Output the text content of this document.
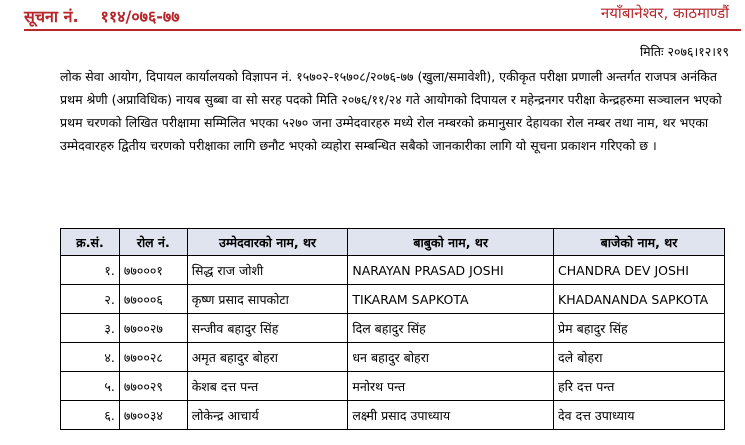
सूचना नं. ११४/०७६-७७	नयाँबानेश्वर, काठमाण्डौं
मितिः २०७६।१२।१९

लोक सेवा आयोग, दिपायल कार्यालयको विज्ञापन नं. १५७०२-१५७०८/२०७६-७७ (खुला/समावेशी), एकीकृत परीक्षा प्रणाली अन्तर्गत राजपत्र अनंकित प्रथम श्रेणी (अप्राविधिक) नायब सुब्बा वा सो सरह पदको मिति २०७६/११/२४ गते आयोगको दिपायल र महेन्द्रनगर परीक्षा केन्द्रहरुमा सञ्चालन भएको प्रथम चरणको लिखित परीक्षामा सम्मिलित भएका ५२७० जना उम्मेदवारहरु मध्ये रोल नम्बरको क्रमानुसार देहायका रोल नम्बर तथा नाम, थर भएका उम्मेदवारहरु द्वितीय चरणको परीक्षाका लागि छनौट भएको व्यहोरा सम्बन्धित सबैको जानकारीका लागि यो सूचना प्रकाशन गरिएको छ ।

क्र.सं.	रोल नं.	उम्मेदवारको नाम, थर	बाबुको नाम, थर	बाजेको नाम, थर
१.	७७०००१	सिद्ध राज जोशी	NARAYAN PRASAD JOSHI	CHANDRA DEV JOSHI
२.	७७०००६	कृष्ण प्रसाद सापकोटा	TIKARAM SAPKOTA	KHADANANDA SAPKOTA
३.	७७००२७	सन्जीव बहादुर सिंह	दिल बहादुर सिंह	प्रेम बहादुर सिंह
४.	७७००२८	अमृत बहादुर बोहरा	धन बहादुर बोहरा	दले बोहरा
५.	७७००२९	केशब दत्त पन्त	मनोरथ पन्त	हरि दत्त पन्त
६.	७७००३४	लोकेन्द्र आचार्य	लक्ष्मी प्रसाद उपाध्याय	देव दत्त उपाध्याय
